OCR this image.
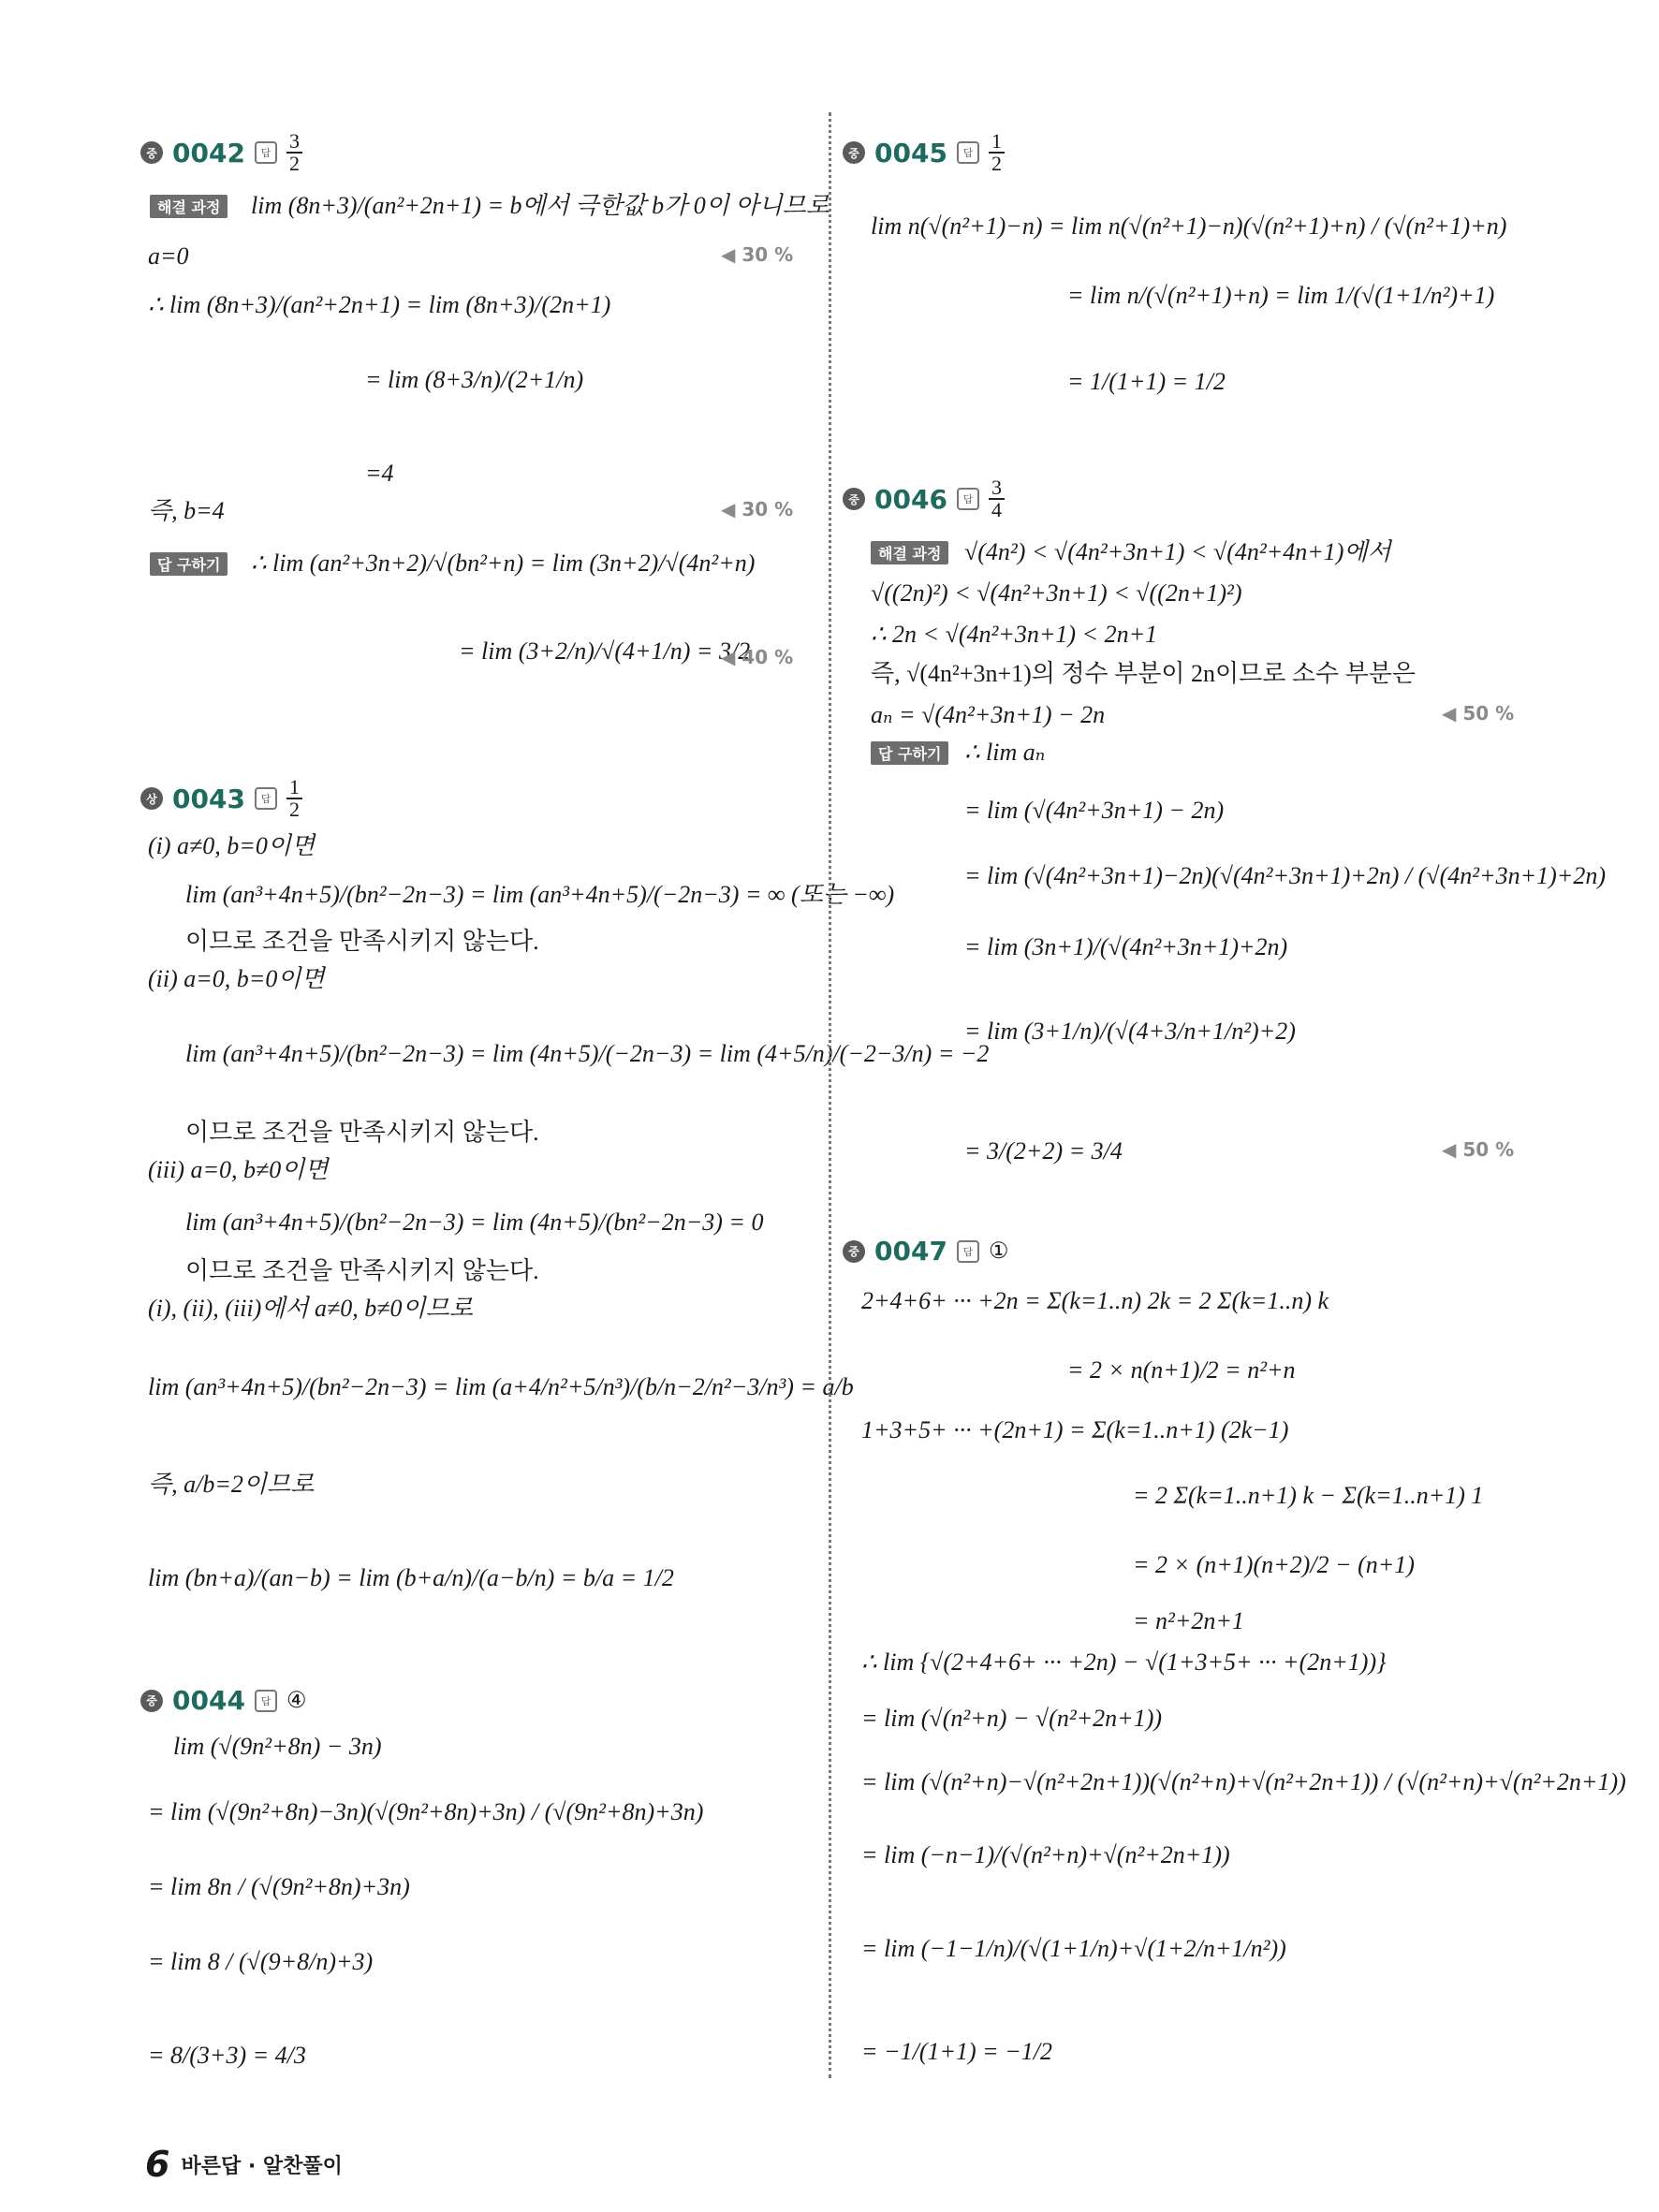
중 0042	답 $\frac{3}{2}$
해결 과정	lim (8n+3)/(an²+2n+1) = b에서 극한값 b가 0이 아니므로
a=0	◀ 30 %
∴ lim (8n+3)/(an²+2n+1) = lim (8n+3)/(2n+1)
= lim (8+3/n)/(2+1/n)
=4
즉, b=4	◀ 30 %
답 구하기	∴ lim (an²+3n+2)/√(bn²+n) = lim (3n+2)/√(4n²+n)
= lim (3+2/n)/√(4+1/n) = 3/2
◀ 40 %
상 0043	답 $\frac{1}{2}$
(i) a≠0, b=0이면
lim (an³+4n+5)/(bn²−2n−3) = lim (an³+4n+5)/(−2n−3) = ∞ (또는 −∞)
이므로 조건을 만족시키지 않는다.
(ii) a=0, b=0이면
lim (an³+4n+5)/(bn²−2n−3) = lim (4n+5)/(−2n−3) = lim (4+5/n)/(−2−3/n) = −2
이므로 조건을 만족시키지 않는다.
(iii) a=0, b≠0이면
lim (an³+4n+5)/(bn²−2n−3) = lim (4n+5)/(bn²−2n−3) = 0
이므로 조건을 만족시키지 않는다.
(i), (ii), (iii)에서 a≠0, b≠0이므로
lim (an³+4n+5)/(bn²−2n−3) = lim (a+4/n²+5/n³)/(b/n−2/n²−3/n³) = a/b
즉, a/b=2이므로
lim (bn+a)/(an−b) = lim (b+a/n)/(a−b/n) = b/a = 1/2
중 0044	답 ④
lim (√(9n²+8n) − 3n)
= lim (√(9n²+8n)−3n)(√(9n²+8n)+3n) / (√(9n²+8n)+3n)
= lim 8n / (√(9n²+8n)+3n)
= lim 8 / (√(9+8/n)+3)
= 8/(3+3) = 4/3
중 0045	답 $\frac{1}{2}$
lim n(√(n²+1)−n) = lim n(√(n²+1)−n)(√(n²+1)+n) / (√(n²+1)+n)
= lim n/(√(n²+1)+n) = lim 1/(√(1+1/n²)+1)
= 1/(1+1) = 1/2
중 0046	답 $\frac{3}{4}$
해결 과정 √(4n²) < √(4n²+3n+1) < √(4n²+4n+1)에서
√((2n)²) < √(4n²+3n+1) < √((2n+1)²)
∴ 2n < √(4n²+3n+1) < 2n+1
즉, √(4n²+3n+1)의 정수 부분이 2n이므로 소수 부분은
aₙ = √(4n²+3n+1) − 2n	◀ 50 %
답 구하기 ∴ lim aₙ
= lim (√(4n²+3n+1) − 2n)
= lim (√(4n²+3n+1)−2n)(√(4n²+3n+1)+2n) / (√(4n²+3n+1)+2n)
= lim (3n+1)/(√(4n²+3n+1)+2n)
= lim (3+1/n)/(√(4+3/n+1/n²)+2)
= 3/(2+2) = 3/4	◀ 50 %
중 0047	답 ①
2+4+6+ ··· +2n = Σ(k=1..n) 2k = 2 Σ(k=1..n) k
= 2 × n(n+1)/2 = n²+n
1+3+5+ ··· +(2n+1) = Σ(k=1..n+1) (2k−1)
= 2 Σ(k=1..n+1) k − Σ(k=1..n+1) 1
= 2 × (n+1)(n+2)/2 − (n+1)
= n²+2n+1
∴ lim {√(2+4+6+ ··· +2n) − √(1+3+5+ ··· +(2n+1))}
= lim (√(n²+n) − √(n²+2n+1))
= lim (√(n²+n)−√(n²+2n+1))(√(n²+n)+√(n²+2n+1)) / (√(n²+n)+√(n²+2n+1))
= lim (−n−1)/(√(n²+n)+√(n²+2n+1))
= lim (−1−1/n)/(√(1+1/n)+√(1+2/n+1/n²))
= −1/(1+1) = −1/2
6 바른답 · 알찬풀이
